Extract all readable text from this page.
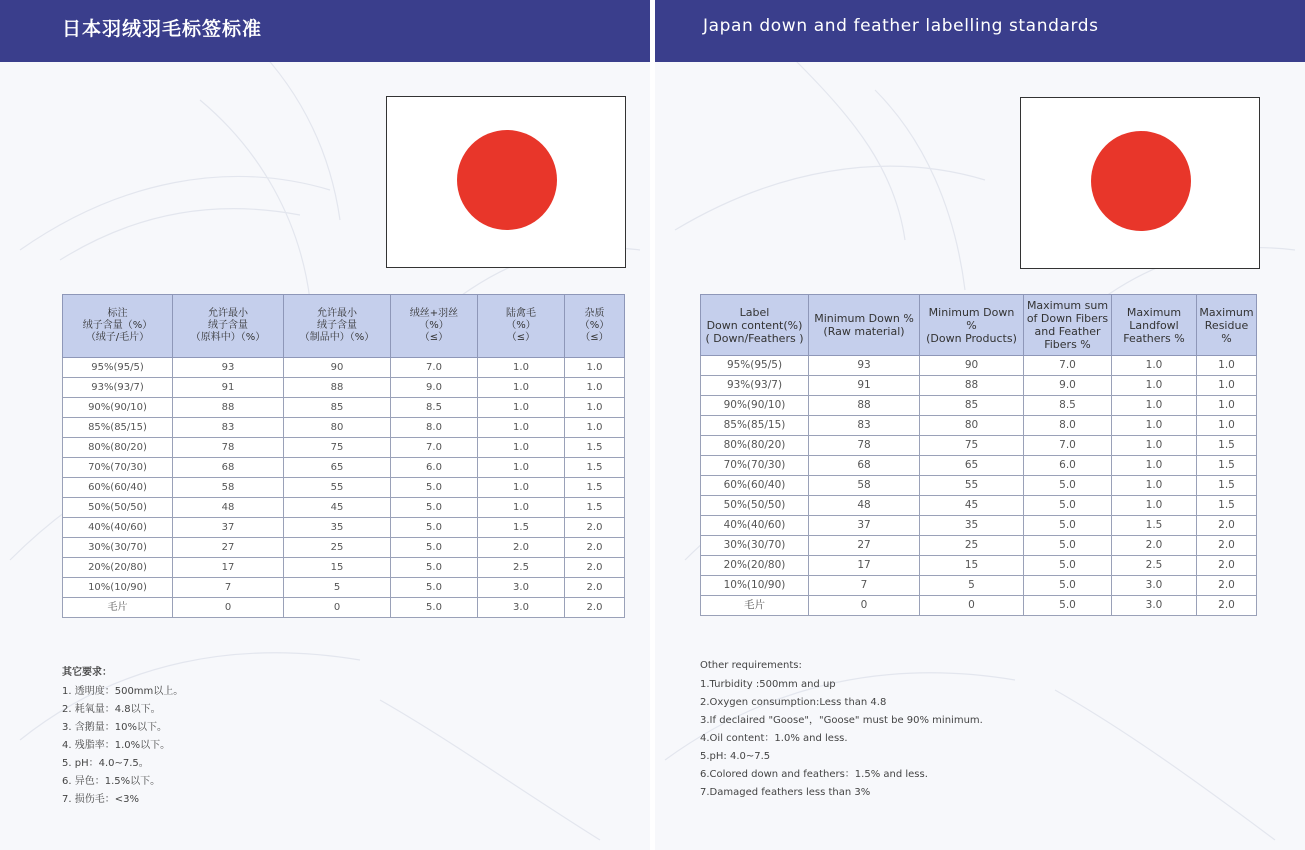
日本羽绒羽毛标签标准
标注
绒子含量（%）
（绒子/毛片）	允许最小
绒子含量
（原料中）（%）	允许最小
绒子含量
（制品中）（%）	绒丝+羽丝
（%）
（≤）	陆禽毛
（%）
（≤）	杂质
（%）
（≤）
95%(95/5)	93	90	7.0	1.0	1.0
93%(93/7)	91	88	9.0	1.0	1.0
90%(90/10)	88	85	8.5	1.0	1.0
85%(85/15)	83	80	8.0	1.0	1.0
80%(80/20)	78	75	7.0	1.0	1.5
70%(70/30)	68	65	6.0	1.0	1.5
60%(60/40)	58	55	5.0	1.0	1.5
50%(50/50)	48	45	5.0	1.0	1.5
40%(40/60)	37	35	5.0	1.5	2.0
30%(30/70)	27	25	5.0	2.0	2.0
20%(20/80)	17	15	5.0	2.5	2.0
10%(10/90)	7	5	5.0	3.0	2.0
毛片	0	0	5.0	3.0	2.0
其它要求：
1. 透明度：500mm以上。
2. 耗氧量：4.8以下。
3. 含鹅量：10%以下。
4. 残脂率：1.0%以下。
5. pH：4.0~7.5。
6. 异色：1.5%以下。
7. 损伤毛：<3%
Japan down and feather labelling standards
Label
Down content(%)
( Down/Feathers )	Minimum Down %
(Raw material)	Minimum Down %
(Down Products)	Maximum sum
of Down Fibers
and Feather
Fibers %	Maximum
Landfowl
Feathers %	Maximum
Residue
%
95%(95/5)	93	90	7.0	1.0	1.0
93%(93/7)	91	88	9.0	1.0	1.0
90%(90/10)	88	85	8.5	1.0	1.0
85%(85/15)	83	80	8.0	1.0	1.0
80%(80/20)	78	75	7.0	1.0	1.5
70%(70/30)	68	65	6.0	1.0	1.5
60%(60/40)	58	55	5.0	1.0	1.5
50%(50/50)	48	45	5.0	1.0	1.5
40%(40/60)	37	35	5.0	1.5	2.0
30%(30/70)	27	25	5.0	2.0	2.0
20%(20/80)	17	15	5.0	2.5	2.0
10%(10/90)	7	5	5.0	3.0	2.0
毛片	0	0	5.0	3.0	2.0
Other requirements:
1.Turbidity :500mm and up
2.Oxygen consumption:Less than 4.8
3.If declaired "Goose"，"Goose" must be 90% minimum.
4.Oil content：1.0% and less.
5.pH: 4.0~7.5
6.Colored down and feathers：1.5% and less.
7.Damaged feathers less than 3%
